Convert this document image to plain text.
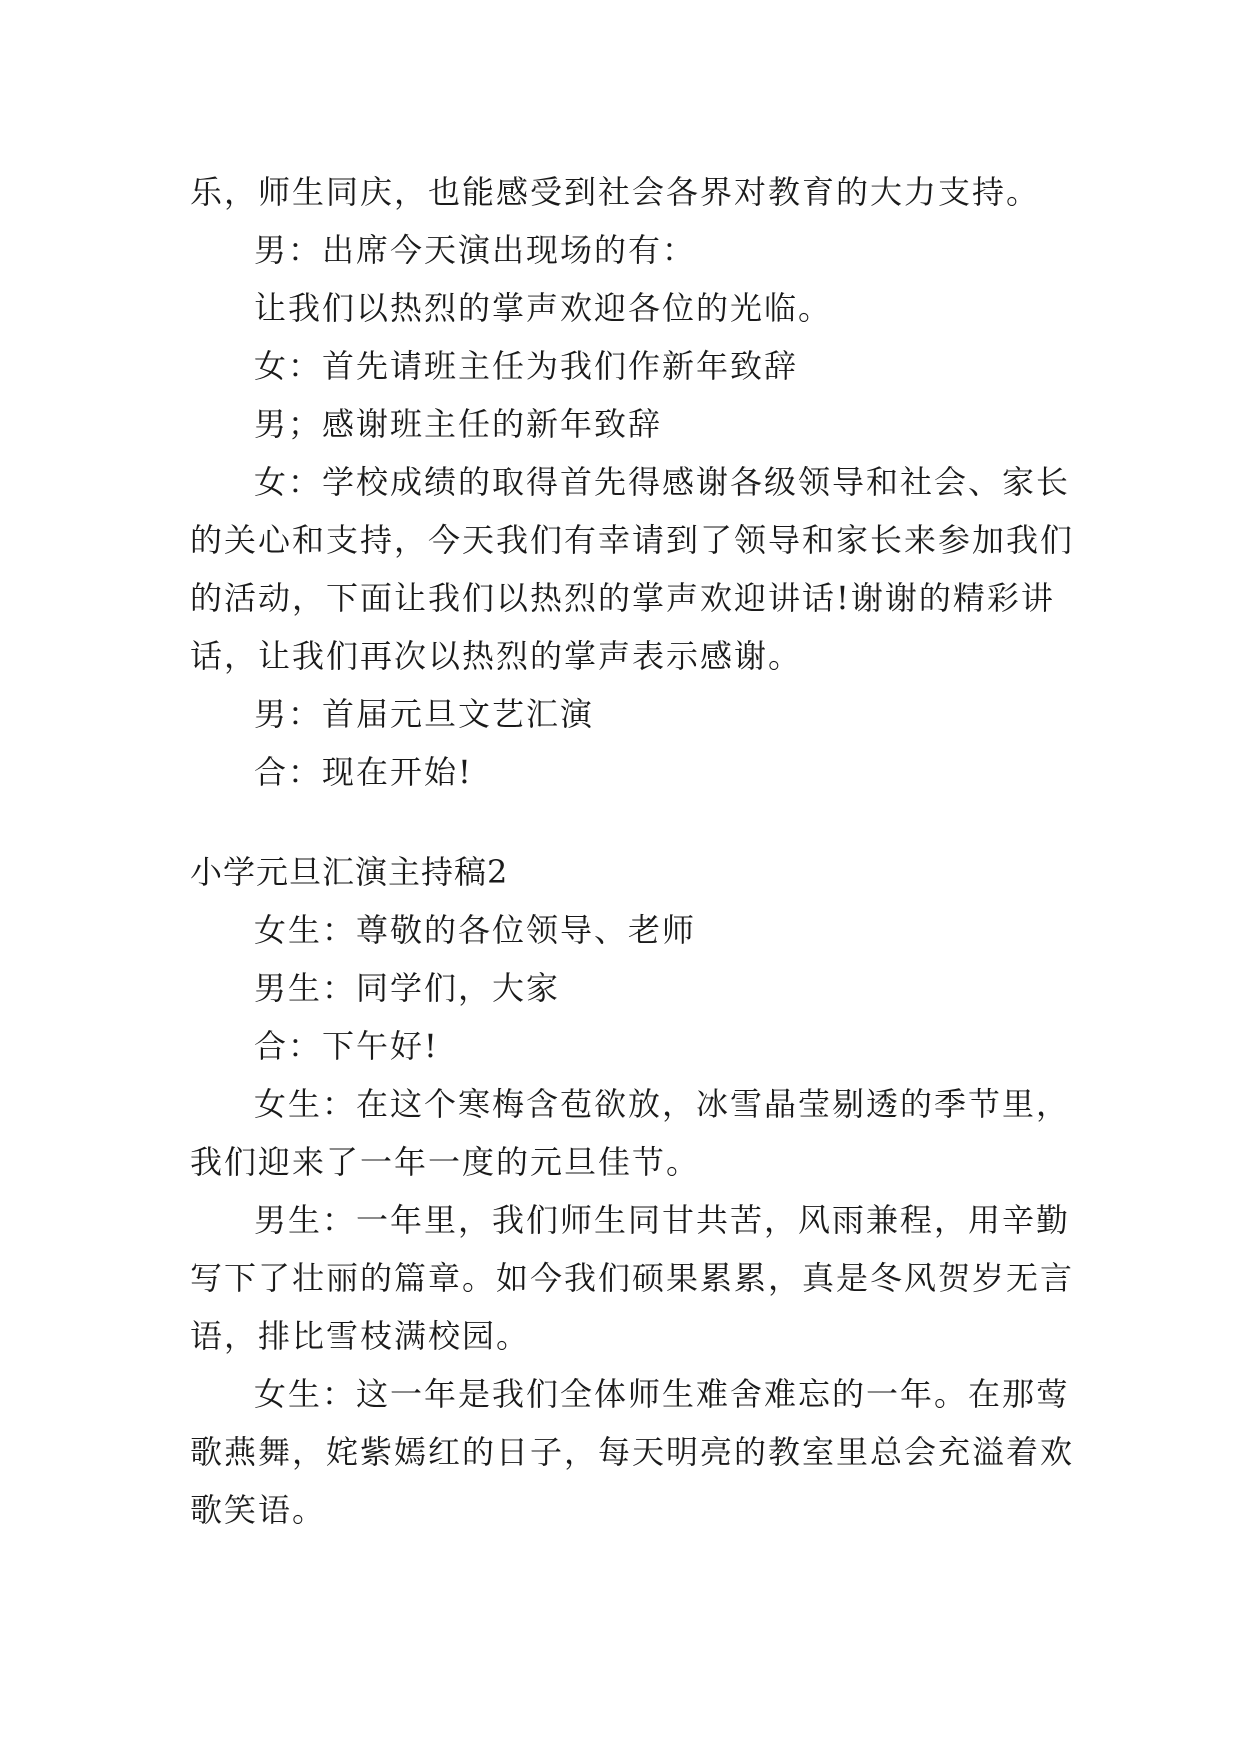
乐，师生同庆，也能感受到社会各界对教育的大力支持。
男：出席今天演出现场的有：
让我们以热烈的掌声欢迎各位的光临。
女：首先请班主任为我们作新年致辞
男；感谢班主任的新年致辞
女：学校成绩的取得首先得感谢各级领导和社会、家长
的关心和支持，今天我们有幸请到了领导和家长来参加我们
的活动，下面让我们以热烈的掌声欢迎讲话!谢谢的精彩讲
话，让我们再次以热烈的掌声表示感谢。
男：首届元旦文艺汇演
合：现在开始!
小学元旦汇演主持稿2
女生：尊敬的各位领导、老师
男生：同学们，大家
合：下午好!
女生：在这个寒梅含苞欲放，冰雪晶莹剔透的季节里，
我们迎来了一年一度的元旦佳节。
男生：一年里，我们师生同甘共苦，风雨兼程，用辛勤
写下了壮丽的篇章。如今我们硕果累累，真是冬风贺岁无言
语，排比雪枝满校园。
女生：这一年是我们全体师生难舍难忘的一年。在那莺
歌燕舞，姹紫嫣红的日子，每天明亮的教室里总会充溢着欢
歌笑语。
